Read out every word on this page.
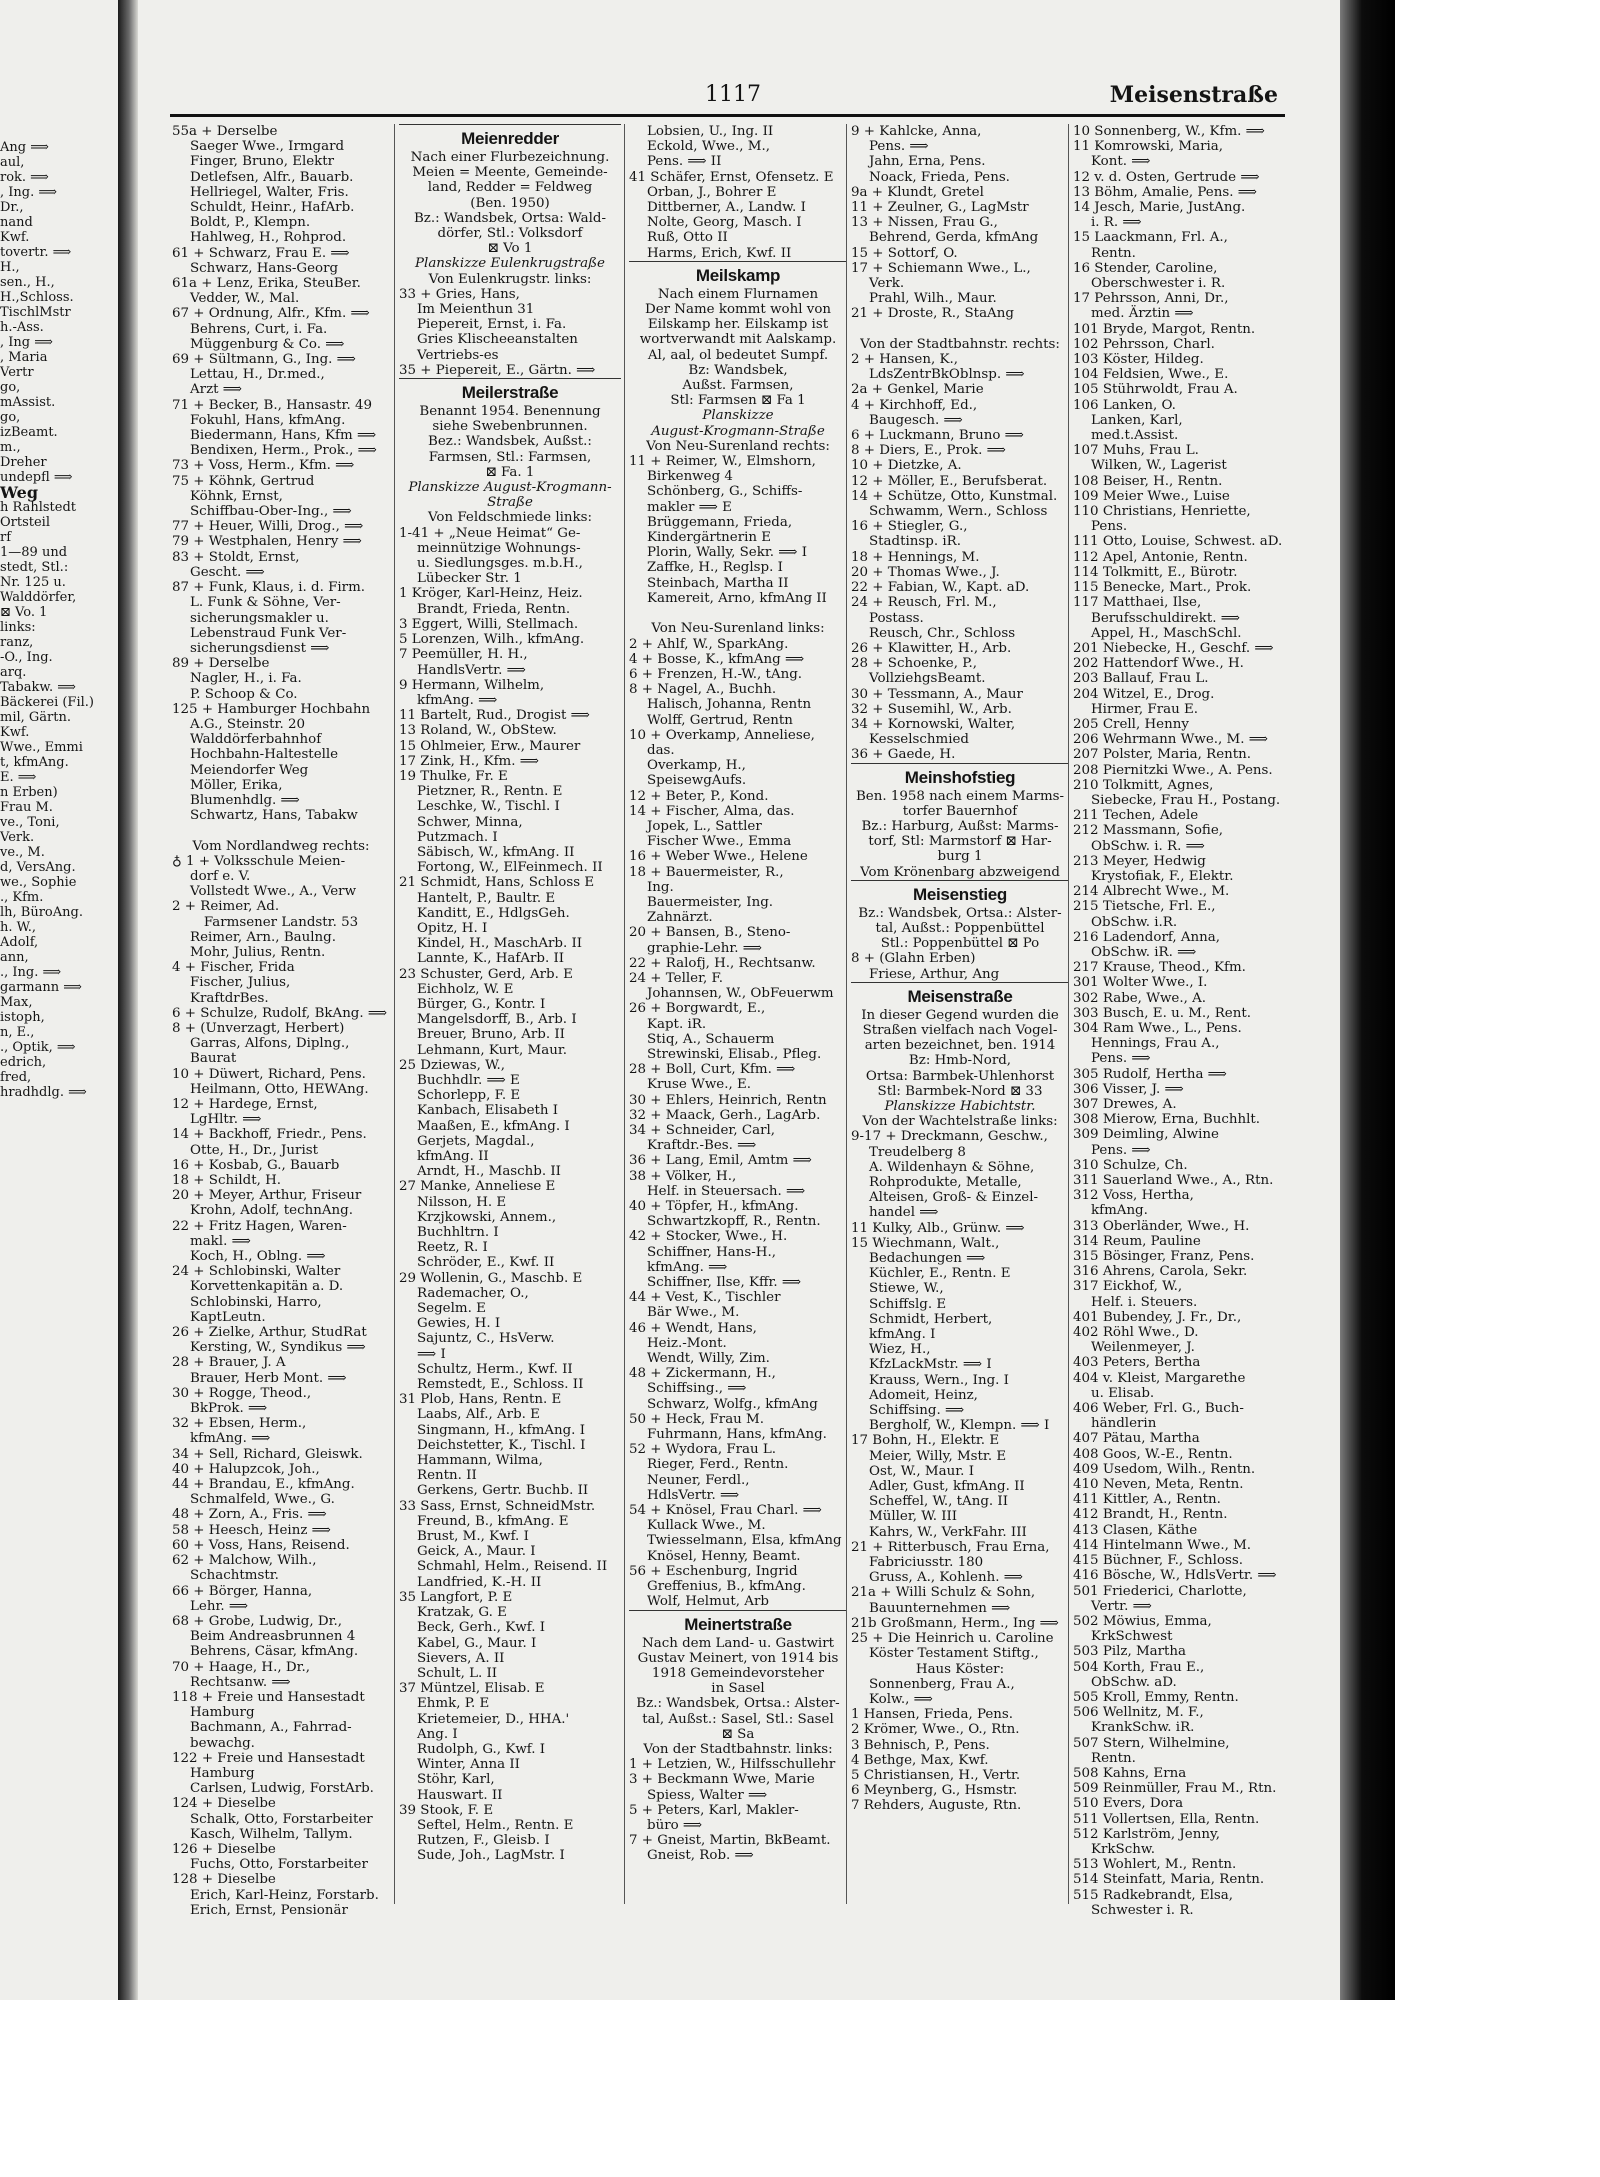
Ang ⟹
aul,
rok. ⟹
, Ing. ⟹
Dr.,
nand
Kwf.
tovertr. ⟹
H.,
sen., H.,
H.,Schloss.
TischlMstr
h.-Ass.
, Ing ⟹
, Maria
Vertr
go,
mAssist.
go,
izBeamt.
m.,
Dreher
undepfl ⟹
Weg
h Rahlstedt
Ortsteil
rf
1—89 und
stedt, Stl.:
Nr. 125 u.
Walddörfer,
⊠ Vo. 1
links:
ranz,
-O., Ing.
arq.
Tabakw. ⟹
Bäckerei (Fil.)
mil, Gärtn.
Kwf.
Wwe., Emmi
t, kfmAng.
E. ⟹
n Erben)
Frau M.
ve., Toni,
Verk.
ve., M.
d, VersAng.
we., Sophie
., Kfm.
lh, BüroAng.
h. W.,
Adolf,
ann,
., Ing. ⟹
garmann ⟹
Max,
istoph,
n, E.,
., Optik, ⟹
edrich,
fred,
hradhdlg. ⟹
1117	Meisenstraße
55a + Derselbe
Saeger Wwe., Irmgard
Finger, Bruno, Elektr
Detlefsen, Alfr., Bauarb.
Hellriegel, Walter, Fris.
Schuldt, Heinr., HafArb.
Boldt, P., Klempn.
Hahlweg, H., Rohprod.
61 + Schwarz, Frau E. ⟹
Schwarz, Hans-Georg
61a + Lenz, Erika, SteuBer.
Vedder, W., Mal.
67 + Ordnung, Alfr., Kfm. ⟹
Behrens, Curt, i. Fa.
Müggenburg & Co. ⟹
69 + Sültmann, G., Ing. ⟹
Lettau, H., Dr.med.,
Arzt ⟹
71 + Becker, B., Hansastr. 49
Fokuhl, Hans, kfmAng.
Biedermann, Hans, Kfm ⟹
Bendixen, Herm., Prok., ⟹
73 + Voss, Herm., Kfm. ⟹
75 + Köhnk, Gertrud
Köhnk, Ernst,
Schiffbau-Ober-Ing., ⟹
77 + Heuer, Willi, Drog., ⟹
79 + Westphalen, Henry ⟹
83 + Stoldt, Ernst,
Gescht. ⟹
87 + Funk, Klaus, i. d. Firm.
L. Funk & Söhne, Ver-
sicherungsmakler u.
Lebenstraud Funk Ver-
sicherungsdienst ⟹
89 + Derselbe
Nagler, H., i. Fa.
P. Schoop & Co.
125 + Hamburger Hochbahn
A.G., Steinstr. 20
Walddörferbahnhof
Hochbahn-Haltestelle
Meiendorfer Weg
Möller, Erika,
Blumenhdlg. ⟹
Schwartz, Hans, Tabakw

Vom Nordlandweg rechts:
♁ 1 + Volksschule Meien-
dorf e. V.
Vollstedt Wwe., A., Verw
2 + Reimer, Ad.
Farmsener Landstr. 53
Reimer, Arn., Baulng.
Mohr, Julius, Rentn.
4 + Fischer, Frida
Fischer, Julius,
KraftdrBes.
6 + Schulze, Rudolf, BkAng. ⟹
8 + (Unverzagt, Herbert)
Garras, Alfons, Diplng.,
Baurat
10 + Düwert, Richard, Pens.
Heilmann, Otto, HEWAng.
12 + Hardege, Ernst,
LgHltr. ⟹
14 + Backhoff, Friedr., Pens.
Otte, H., Dr., Jurist
16 + Kosbab, G., Bauarb
18 + Schildt, H.
20 + Meyer, Arthur, Friseur
Krohn, Adolf, technAng.
22 + Fritz Hagen, Waren-
makl. ⟹
Koch, H., Oblng. ⟹
24 + Schlobinski, Walter
Korvettenkapitän a. D.
Schlobinski, Harro,
KaptLeutn.
26 + Zielke, Arthur, StudRat
Kersting, W., Syndikus ⟹
28 + Brauer, J. A
Brauer, Herb Mont. ⟹
30 + Rogge, Theod.,
BkProk. ⟹
32 + Ebsen, Herm.,
kfmAng. ⟹
34 + Sell, Richard, Gleiswk.
40 + Halupzcok, Joh.,
44 + Brandau, E., kfmAng.
Schmalfeld, Wwe., G.
48 + Zorn, A., Fris. ⟹
58 + Heesch, Heinz ⟹
60 + Voss, Hans, Reisend.
62 + Malchow, Wilh.,
Schachtmstr.
66 + Börger, Hanna,
Lehr. ⟹
68 + Grobe, Ludwig, Dr.,
Beim Andreasbrunnen 4
Behrens, Cäsar, kfmAng.
70 + Haage, H., Dr.,
Rechtsanw. ⟹
118 + Freie und Hansestadt
Hamburg
Bachmann, A., Fahrrad-
bewachg.
122 + Freie und Hansestadt
Hamburg
Carlsen, Ludwig, ForstArb.
124 + Dieselbe
Schalk, Otto, Forstarbeiter
Kasch, Wilhelm, Tallym.
126 + Dieselbe
Fuchs, Otto, Forstarbeiter
128 + Dieselbe
Erich, Karl-Heinz, Forstarb.
Erich, Ernst, Pensionär
Meienredder
Nach einer Flurbezeichnung.
Meien = Meente, Gemeinde-
land, Redder = Feldweg
(Ben. 1950)
Bz.: Wandsbek, Ortsa: Wald-
dörfer, Stl.: Volksdorf
⊠ Vo 1
Planskizze Eulenkrugstraße
Von Eulenkrugstr. links:
33 + Gries, Hans,
Im Meienthun 31
Piepereit, Ernst, i. Fa.
Gries Klischeeanstalten
Vertriebs-es
35 + Piepereit, E., Gärtn. ⟹
Meilerstraße
Benannt 1954. Benennung
siehe Swebenbrunnen.
Bez.: Wandsbek, Außst.:
Farmsen, Stl.: Farmsen,
⊠ Fa. 1
Planskizze August-Krogmann-
Straße
Von Feldschmiede links:
1-41 + „Neue Heimat“ Ge-
meinnützige Wohnungs-
u. Siedlungsges. m.b.H.,
Lübecker Str. 1
1 Kröger, Karl-Heinz, Heiz.
Brandt, Frieda, Rentn.
3 Eggert, Willi, Stellmach.
5 Lorenzen, Wilh., kfmAng.
7 Peemüller, H. H.,
HandlsVertr. ⟹
9 Hermann, Wilhelm,
kfmAng. ⟹
11 Bartelt, Rud., Drogist ⟹
13 Roland, W., ObStew.
15 Ohlmeier, Erw., Maurer
17 Zink, H., Kfm. ⟹
19 Thulke, Fr. E
Pietzner, R., Rentn. E
Leschke, W., Tischl. I
Schwer, Minna,
Putzmach. I
Säbisch, W., kfmAng. II
Fortong, W., ElFeinmech. II
21 Schmidt, Hans, Schloss E
Hantelt, P., Baultr. E
Kanditt, E., HdlgsGeh.
Opitz, H. I
Kindel, H., MaschArb. II
Lannte, K., HafArb. II
23 Schuster, Gerd, Arb. E
Eichholz, W. E
Bürger, G., Kontr. I
Mangelsdorff, B., Arb. I
Breuer, Bruno, Arb. II
Lehmann, Kurt, Maur.
25 Dziewas, W.,
Buchhdlr. ⟹ E
Schorlepp, F. E
Kanbach, Elisabeth I
Maaßen, E., kfmAng. I
Gerjets, Magdal.,
kfmAng. II
Arndt, H., Maschb. II
27 Manke, Anneliese E
Nilsson, H. E
Krzjkowski, Annem.,
Buchhltrn. I
Reetz, R. I
Schröder, E., Kwf. II
29 Wollenin, G., Maschb. E
Rademacher, O.,
Segelm. E
Gewies, H. I
Sajuntz, C., HsVerw.
⟹ I
Schultz, Herm., Kwf. II
Remstedt, E., Schloss. II
31 Plob, Hans, Rentn. E
Laabs, Alf., Arb. E
Singmann, H., kfmAng. I
Deichstetter, K., Tischl. I
Hammann, Wilma,
Rentn. II
Gerkens, Gertr. Buchb. II
33 Sass, Ernst, SchneidMstr.
Freund, B., kfmAng. E
Brust, M., Kwf. I
Geick, A., Maur. I
Schmahl, Helm., Reisend. II
Landfried, K.-H. II
35 Langfort, P. E
Kratzak, G. E
Beck, Gerh., Kwf. I
Kabel, G., Maur. I
Sievers, A. II
Schult, L. II
37 Müntzel, Elisab. E
Ehmk, P. E
Krietemeier, D., HHA.'
Ang. I
Rudolph, G., Kwf. I
Winter, Anna II
Stöhr, Karl,
Hauswart. II
39 Stook, F. E
Seftel, Helm., Rentn. E
Rutzen, F., Gleisb. I
Sude, Joh., LagMstr. I
Lobsien, U., Ing. II
Eckold, Wwe., M.,
Pens. ⟹ II
41 Schäfer, Ernst, Ofensetz. E
Orban, J., Bohrer E
Dittberner, A., Landw. I
Nolte, Georg, Masch. I
Ruß, Otto II
Harms, Erich, Kwf. II
Meilskamp
Nach einem Flurnamen
Der Name kommt wohl von
Eilskamp her. Eilskamp ist
wortverwandt mit Aalskamp.
Al, aal, ol bedeutet Sumpf.
Bz: Wandsbek,
Außst. Farmsen,
Stl: Farmsen ⊠ Fa 1
Planskizze
August-Krogmann-Straße
Von Neu-Surenland rechts:
11 + Reimer, W., Elmshorn,
Birkenweg 4
Schönberg, G., Schiffs-
makler ⟹ E
Brüggemann, Frieda,
Kindergärtnerin E
Plorin, Wally, Sekr. ⟹ I
Zaffke, H., Reglsp. I
Steinbach, Martha II
Kamereit, Arno, kfmAng II

Von Neu-Surenland links:
2 + Ahlf, W., SparkAng.
4 + Bosse, K., kfmAng ⟹
6 + Frenzen, H.-W., tAng.
8 + Nagel, A., Buchh.
Halisch, Johanna, Rentn
Wolff, Gertrud, Rentn
10 + Overkamp, Anneliese,
das.
Overkamp, H.,
SpeisewgAufs.
12 + Beter, P., Kond.
14 + Fischer, Alma, das.
Jopek, L., Sattler
Fischer Wwe., Emma
16 + Weber Wwe., Helene
18 + Bauermeister, R.,
Ing.
Bauermeister, Ing.
Zahnärzt.
20 + Bansen, B., Steno-
graphie-Lehr. ⟹
22 + Ralofj, H., Rechtsanw.
24 + Teller, F.
Johannsen, W., ObFeuerwm
26 + Borgwardt, E.,
Kapt. iR.
Stiq, A., Schauerm
Strewinski, Elisab., Pfleg.
28 + Boll, Curt, Kfm. ⟹
Kruse Wwe., E.
30 + Ehlers, Heinrich, Rentn
32 + Maack, Gerh., LagArb.
34 + Schneider, Carl,
Kraftdr.-Bes. ⟹
36 + Lang, Emil, Amtm ⟹
38 + Völker, H.,
Helf. in Steuersach. ⟹
40 + Töpfer, H., kfmAng.
Schwartzkopff, R., Rentn.
42 + Stocker, Wwe., H.
Schiffner, Hans-H.,
kfmAng. ⟹
Schiffner, Ilse, Kffr. ⟹
44 + Vest, K., Tischler
Bär Wwe., M.
46 + Wendt, Hans,
Heiz.-Mont.
Wendt, Willy, Zim.
48 + Zickermann, H.,
Schiffsing., ⟹
Schwarz, Wolfg., kfmAng
50 + Heck, Frau M.
Fuhrmann, Hans, kfmAng.
52 + Wydora, Frau L.
Rieger, Ferd., Rentn.
Neuner, Ferdl.,
HdlsVertr. ⟹
54 + Knösel, Frau Charl. ⟹
Kullack Wwe., M.
Twiesselmann, Elsa, kfmAng
Knösel, Henny, Beamt.
56 + Eschenburg, Ingrid
Greffenius, B., kfmAng.
Wolf, Helmut, Arb
Meinertstraße
Nach dem Land- u. Gastwirt
Gustav Meinert, von 1914 bis
1918 Gemeindevorsteher
in Sasel
Bz.: Wandsbek, Ortsa.: Alster-
tal, Außst.: Sasel, Stl.: Sasel
⊠ Sa
Von der Stadtbahnstr. links:
1 + Letzien, W., Hilfsschullehr
3 + Beckmann Wwe, Marie
Spiess, Walter ⟹
5 + Peters, Karl, Makler-
büro ⟹
7 + Gneist, Martin, BkBeamt.
Gneist, Rob. ⟹
9 + Kahlcke, Anna,
Pens. ⟹
Jahn, Erna, Pens.
Noack, Frieda, Pens.
9a + Klundt, Gretel
11 + Zeulner, G., LagMstr
13 + Nissen, Frau G.,
Behrend, Gerda, kfmAng
15 + Sottorf, O.
17 + Schiemann Wwe., L.,
Verk.
Prahl, Wilh., Maur.
21 + Droste, R., StaAng

Von der Stadtbahnstr. rechts:
2 + Hansen, K.,
LdsZentrBkOblnsp. ⟹
2a + Genkel, Marie
4 + Kirchhoff, Ed.,
Baugesch. ⟹
6 + Luckmann, Bruno ⟹
8 + Diers, E., Prok. ⟹
10 + Dietzke, A.
12 + Möller, E., Berufsberat.
14 + Schütze, Otto, Kunstmal.
Schwamm, Wern., Schloss
16 + Stiegler, G.,
Stadtinsp. iR.
18 + Hennings, M.
20 + Thomas Wwe., J.
22 + Fabian, W., Kapt. aD.
24 + Reusch, Frl. M.,
Postass.
Reusch, Chr., Schloss
26 + Klawitter, H., Arb.
28 + Schoenke, P.,
VollziehgsBeamt.
30 + Tessmann, A., Maur
32 + Susemihl, W., Arb.
34 + Kornowski, Walter,
Kesselschmied
36 + Gaede, H.
Meinshofstieg
Ben. 1958 nach einem Marms-
torfer Bauernhof
Bz.: Harburg, Außst: Marms-
torf, Stl: Marmstorf ⊠ Har-
burg 1
Vom Krönenbarg abzweigend
Meisenstieg
Bz.: Wandsbek, Ortsa.: Alster-
tal, Außst.: Poppenbüttel
Stl.: Poppenbüttel ⊠ Po
8 + (Glahn Erben)
Friese, Arthur, Ang
Meisenstraße
In dieser Gegend wurden die
Straßen vielfach nach Vogel-
arten bezeichnet, ben. 1914
Bz: Hmb-Nord,
Ortsa: Barmbek-Uhlenhorst
Stl: Barmbek-Nord ⊠ 33
Planskizze Habichtstr.
Von der Wachtelstraße links:
9-17 + Dreckmann, Geschw.,
Treudelberg 8
A. Wildenhayn & Söhne,
Rohprodukte, Metalle,
Alteisen, Groß- & Einzel-
handel ⟹
11 Kulky, Alb., Grünw. ⟹
15 Wiechmann, Walt.,
Bedachungen ⟹
Küchler, E., Rentn. E
Stiewe, W.,
Schiffslg. E
Schmidt, Herbert,
kfmAng. I
Wiez, H.,
KfzLackMstr. ⟹ I
Krauss, Wern., Ing. I
Adomeit, Heinz,
Schiffsing. ⟹
Bergholf, W., Klempn. ⟹ I
17 Bohn, H., Elektr. E
Meier, Willy, Mstr. E
Ost, W., Maur. I
Adler, Gust, kfmAng. II
Scheffel, W., tAng. II
Müller, W. III
Kahrs, W., VerkFahr. III
21 + Ritterbusch, Frau Erna,
Fabriciusstr. 180
Gruss, A., Kohlenh. ⟹
21a + Willi Schulz & Sohn,
Bauunternehmen ⟹
21b Großmann, Herm., Ing ⟹
25 + Die Heinrich u. Caroline
Köster Testament Stiftg.,
Haus Köster:
Sonnenberg, Frau A.,
Kolw., ⟹
1 Hansen, Frieda, Pens.
2 Krömer, Wwe., O., Rtn.
3 Behnisch, P., Pens.
4 Bethge, Max, Kwf.
5 Christiansen, H., Vertr.
6 Meynberg, G., Hsmstr.
7 Rehders, Auguste, Rtn.
10 Sonnenberg, W., Kfm. ⟹
11 Komrowski, Maria,
Kont. ⟹
12 v. d. Osten, Gertrude ⟹
13 Böhm, Amalie, Pens. ⟹
14 Jesch, Marie, JustAng.
i. R. ⟹
15 Laackmann, Frl. A.,
Rentn.
16 Stender, Caroline,
Oberschwester i. R.
17 Pehrsson, Anni, Dr.,
med. Ärztin ⟹
101 Bryde, Margot, Rentn.
102 Pehrsson, Charl.
103 Köster, Hildeg.
104 Feldsien, Wwe., E.
105 Stührwoldt, Frau A.
106 Lanken, O.
Lanken, Karl,
med.t.Assist.
107 Muhs, Frau L.
Wilken, W., Lagerist
108 Beiser, H., Rentn.
109 Meier Wwe., Luise
110 Christians, Henriette,
Pens.
111 Otto, Louise, Schwest. aD.
112 Apel, Antonie, Rentn.
114 Tolkmitt, E., Bürotr.
115 Benecke, Mart., Prok.
117 Matthaei, Ilse,
Berufsschuldirekt. ⟹
Appel, H., MaschSchl.
201 Niebecke, H., Geschf. ⟹
202 Hattendorf Wwe., H.
203 Ballauf, Frau L.
204 Witzel, E., Drog.
Hirmer, Frau E.
205 Crell, Henny
206 Wehrmann Wwe., M. ⟹
207 Polster, Maria, Rentn.
208 Piernitzki Wwe., A. Pens.
210 Tolkmitt, Agnes,
Siebecke, Frau H., Postang.
211 Techen, Adele
212 Massmann, Sofie,
ObSchw. i. R. ⟹
213 Meyer, Hedwig
Krystofiak, F., Elektr.
214 Albrecht Wwe., M.
215 Tietsche, Frl. E.,
ObSchw. i.R.
216 Ladendorf, Anna,
ObSchw. iR. ⟹
217 Krause, Theod., Kfm.
301 Wolter Wwe., I.
302 Rabe, Wwe., A.
303 Busch, E. u. M., Rent.
304 Ram Wwe., L., Pens.
Hennings, Frau A.,
Pens. ⟹
305 Rudolf, Hertha ⟹
306 Visser, J. ⟹
307 Drewes, A.
308 Mierow, Erna, Buchhlt.
309 Deimling, Alwine
Pens. ⟹
310 Schulze, Ch.
311 Sauerland Wwe., A., Rtn.
312 Voss, Hertha,
kfmAng.
313 Oberländer, Wwe., H.
314 Reum, Pauline
315 Bösinger, Franz, Pens.
316 Ahrens, Carola, Sekr.
317 Eickhof, W.,
Helf. i. Steuers.
401 Bubendey, J. Fr., Dr.,
402 Röhl Wwe., D.
Weilenmeyer, J.
403 Peters, Bertha
404 v. Kleist, Margarethe
u. Elisab.
406 Weber, Frl. G., Buch-
händlerin
407 Pätau, Martha
408 Goos, W.-E., Rentn.
409 Usedom, Wilh., Rentn.
410 Neven, Meta, Rentn.
411 Kittler, A., Rentn.
412 Brandt, H., Rentn.
413 Clasen, Käthe
414 Hintelmann Wwe., M.
415 Büchner, F., Schloss.
416 Bösche, W., HdlsVertr. ⟹
501 Friederici, Charlotte,
Vertr. ⟹
502 Möwius, Emma,
KrkSchwest
503 Pilz, Martha
504 Korth, Frau E.,
ObSchw. aD.
505 Kroll, Emmy, Rentn.
506 Wellnitz, M. F.,
KrankSchw. iR.
507 Stern, Wilhelmine,
Rentn.
508 Kahns, Erna
509 Reinmüller, Frau M., Rtn.
510 Evers, Dora
511 Vollertsen, Ella, Rentn.
512 Karlström, Jenny,
KrkSchw.
513 Wohlert, M., Rentn.
514 Steinfatt, Maria, Rentn.
515 Radkebrandt, Elsa,
Schwester i. R.
